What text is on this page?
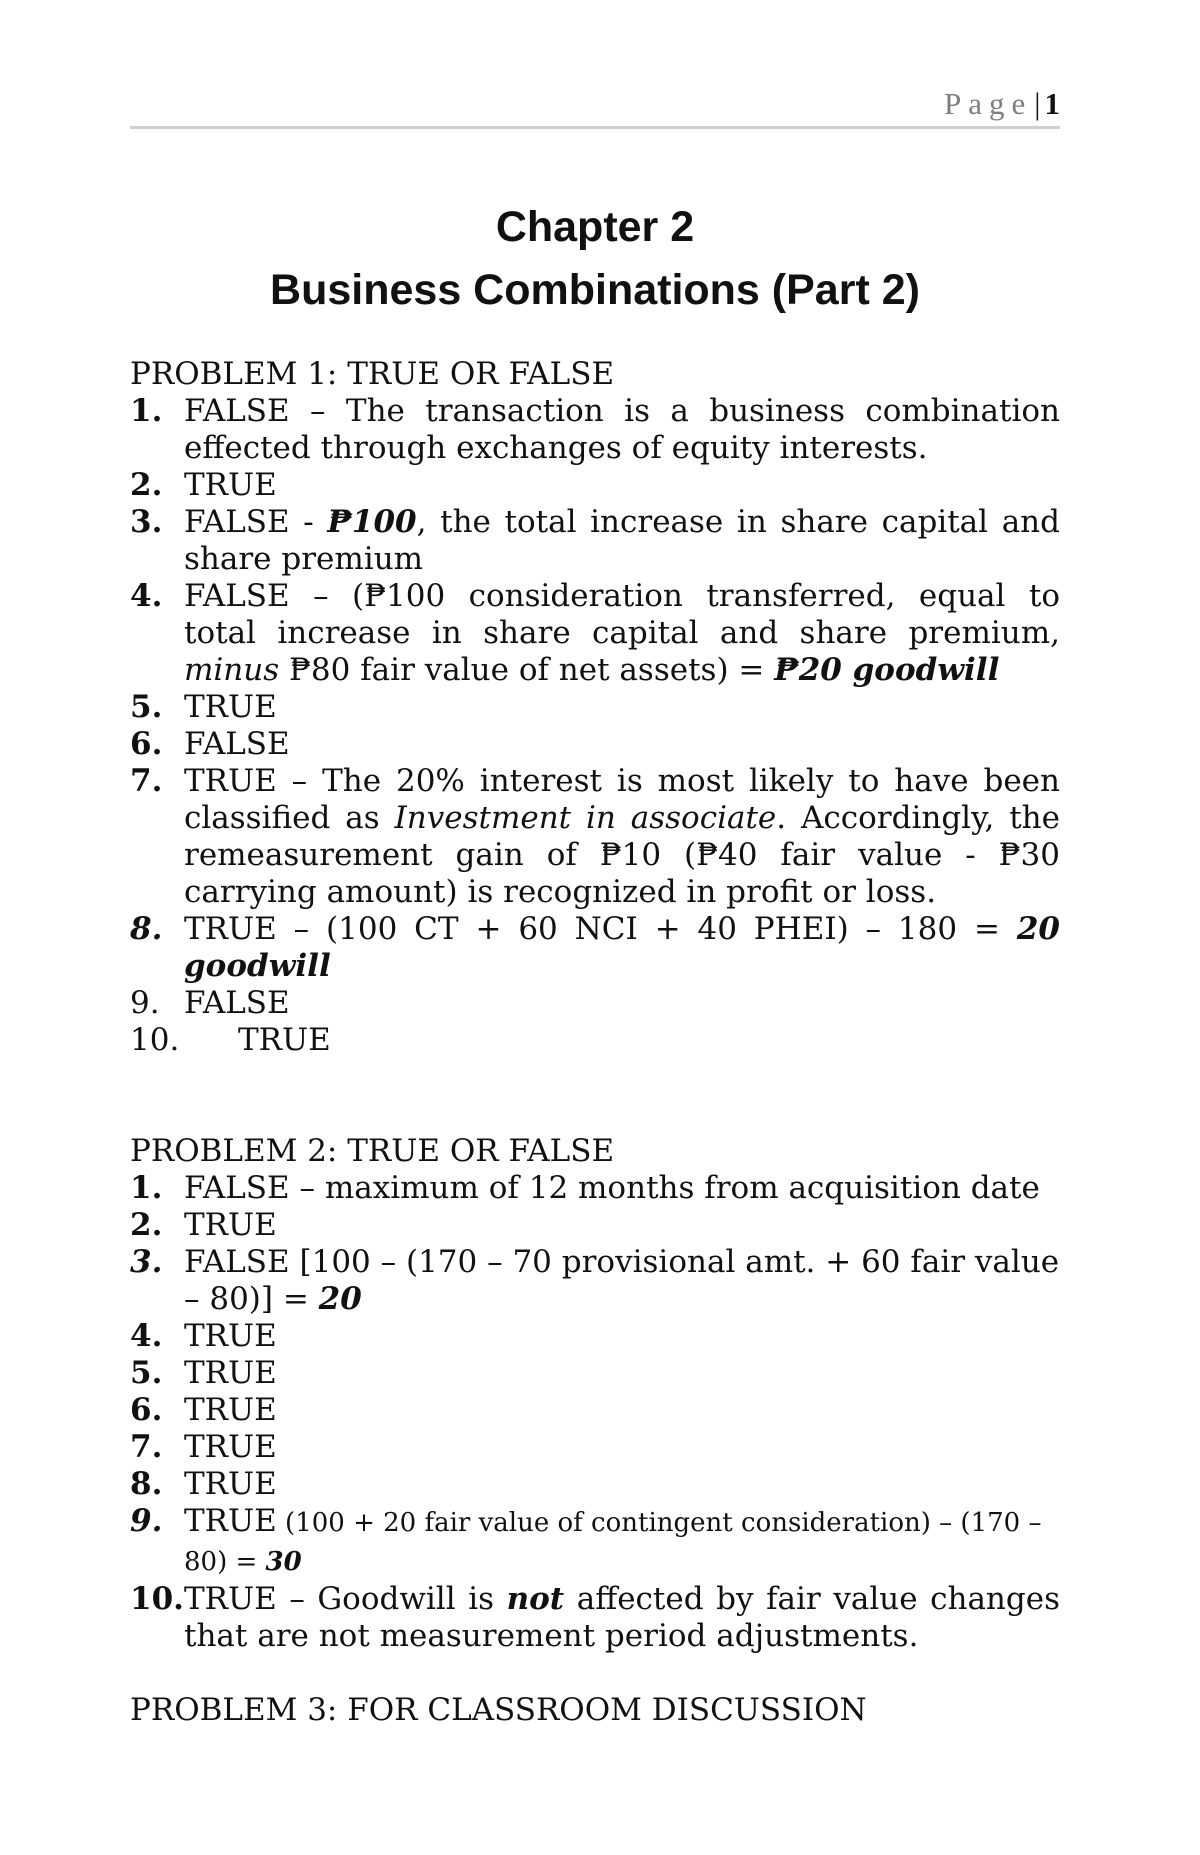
Page| 1
Chapter 2
Business Combinations (Part 2)
PROBLEM 1: TRUE OR FALSE
1. FALSE – The transaction is a business combination effected through exchanges of equity interests.
2. TRUE
3. FALSE - ₱100, the total increase in share capital and share premium
4. FALSE – (₱100 consideration transferred, equal to total increase in share capital and share premium, minus ₱80 fair value of net assets) = ₱20 goodwill
5. TRUE
6. FALSE
7. TRUE – The 20% interest is most likely to have been classified as Investment in associate. Accordingly, the remeasurement gain of ₱10 (₱40 fair value - ₱30 carrying amount) is recognized in profit or loss.
8. TRUE – (100 CT + 60 NCI + 40 PHEI) – 180 = 20 goodwill
9. FALSE
10.	TRUE
PROBLEM 2: TRUE OR FALSE
1. FALSE – maximum of 12 months from acquisition date
2. TRUE
3. FALSE [100 – (170 – 70 provisional amt. + 60 fair value – 80)] = 20
4. TRUE
5. TRUE
6. TRUE
7. TRUE
8. TRUE
9. TRUE (100 + 20 fair value of contingent consideration) – (170 – 80) = 30
10. TRUE – Goodwill is not affected by fair value changes that are not measurement period adjustments.
PROBLEM 3: FOR CLASSROOM DISCUSSION
